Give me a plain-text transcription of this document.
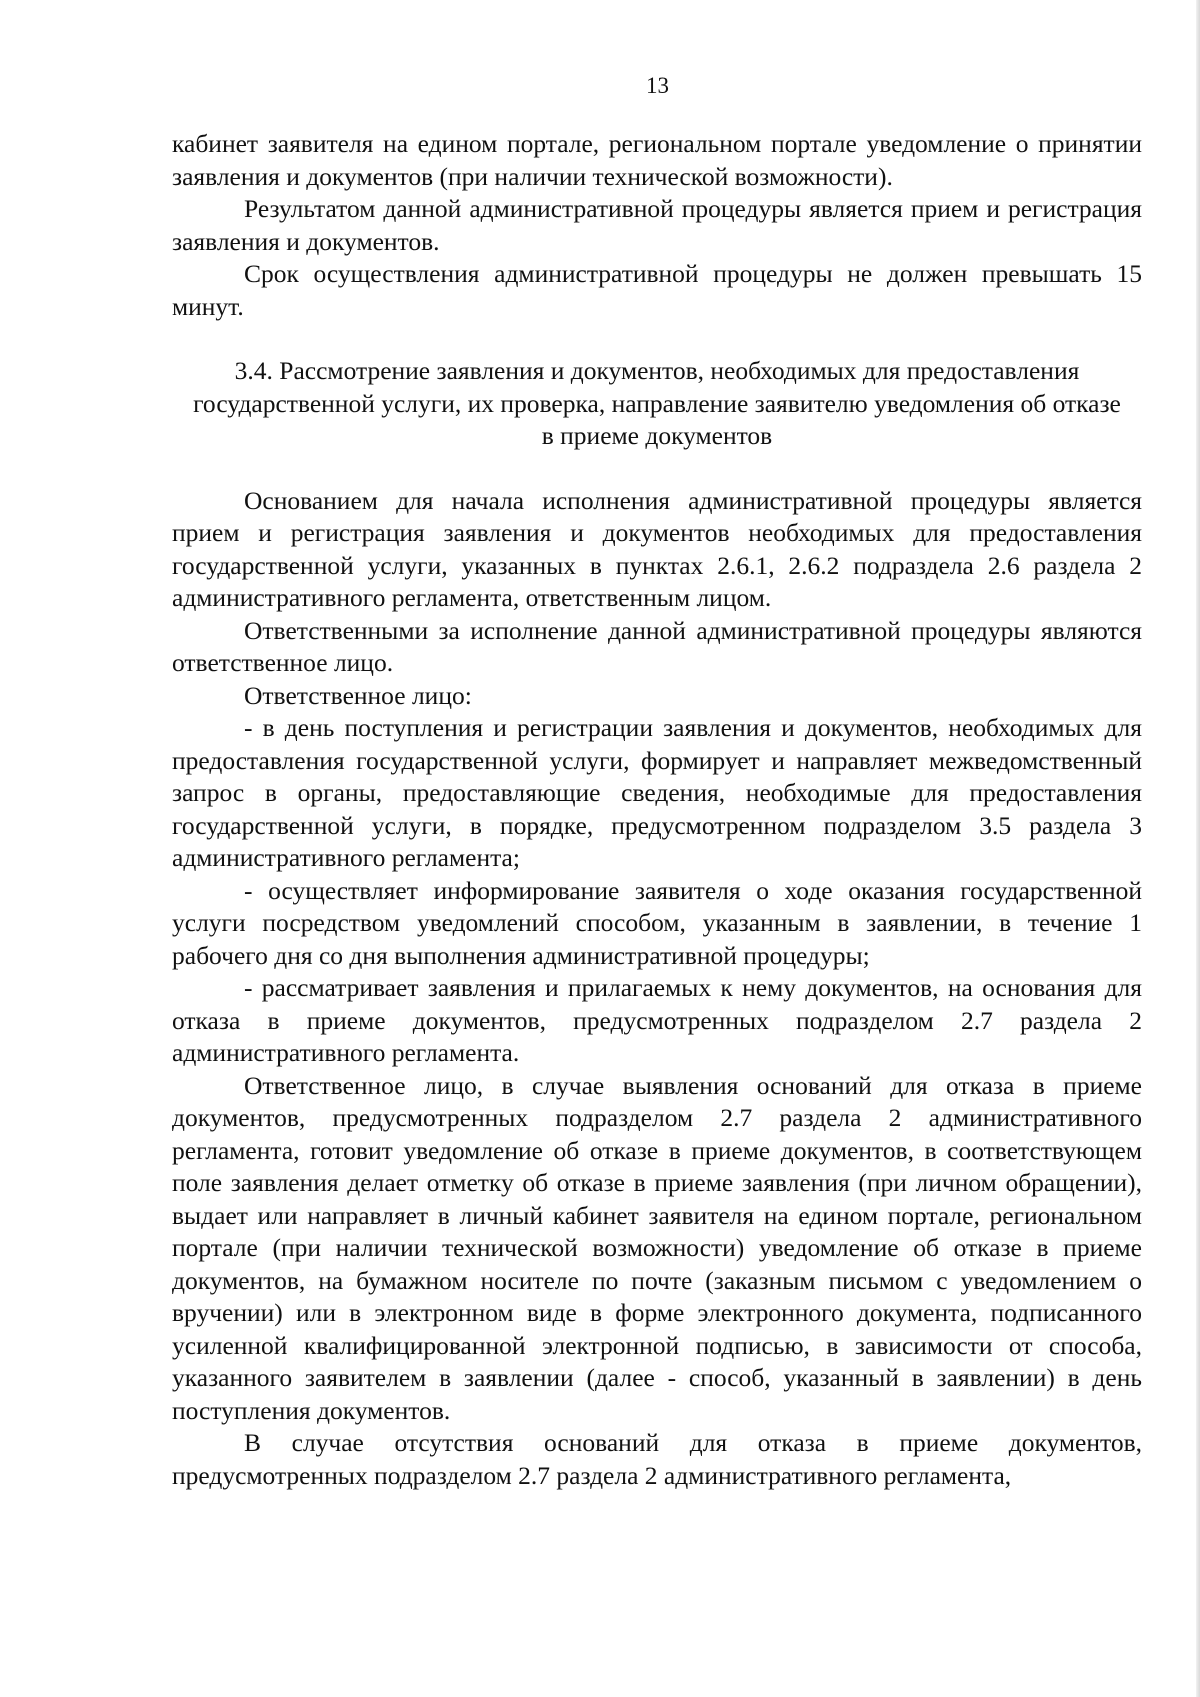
13

кабинет заявителя на едином портале, региональном портале уведомление о принятии заявления и документов (при наличии технической возможности).

Результатом данной административной процедуры является прием и регистрация заявления и документов.

Срок осуществления административной процедуры не должен превышать 15 минут.

3.4. Рассмотрение заявления и документов, необходимых для предоставления государственной услуги, их проверка, направление заявителю уведомления об отказе в приеме документов

Основанием для начала исполнения административной процедуры является прием и регистрация заявления и документов необходимых для предоставления государственной услуги, указанных в пунктах 2.6.1, 2.6.2 подраздела 2.6 раздела 2 административного регламента, ответственным лицом.

Ответственными за исполнение данной административной процедуры являются ответственное лицо.

Ответственное лицо:

- в день поступления и регистрации заявления и документов, необходимых для предоставления государственной услуги, формирует и направляет межведомственный запрос в органы, предоставляющие сведения, необходимые для предоставления государственной услуги, в порядке, предусмотренном подразделом 3.5 раздела 3 административного регламента;

- осуществляет информирование заявителя о ходе оказания государственной услуги посредством уведомлений способом, указанным в заявлении, в течение 1 рабочего дня со дня выполнения административной процедуры;

- рассматривает заявления и прилагаемых к нему документов, на основания для отказа в приеме документов, предусмотренных подразделом 2.7 раздела 2 административного регламента.

Ответственное лицо, в случае выявления оснований для отказа в приеме документов, предусмотренных подразделом 2.7 раздела 2 административного регламента, готовит уведомление об отказе в приеме документов, в соответствующем поле заявления делает отметку об отказе в приеме заявления (при личном обращении), выдает или направляет в личный кабинет заявителя на едином портале, региональном портале (при наличии технической возможности) уведомление об отказе в приеме документов, на бумажном носителе по почте (заказным письмом с уведомлением о вручении) или в электронном виде в форме электронного документа, подписанного усиленной квалифицированной электронной подписью, в зависимости от способа, указанного заявителем в заявлении (далее - способ, указанный в заявлении) в день поступления документов.

В случае отсутствия оснований для отказа в приеме документов, предусмотренных подразделом 2.7 раздела 2 административного регламента,
